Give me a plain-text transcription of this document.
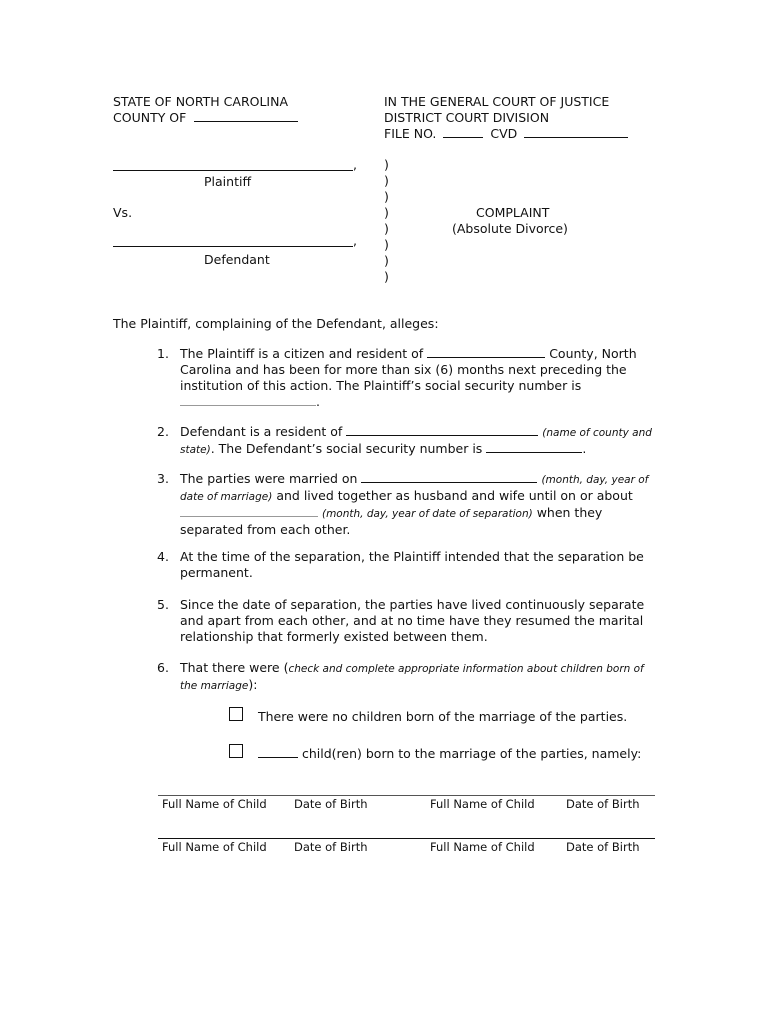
STATE OF NORTH CAROLINA
COUNTY OF
IN THE GENERAL COURT OF JUSTICE
DISTRICT COURT DIVISION
FILE NO.	CVD
,
Plaintiff
Vs.
,
Defendant
)
)
)
)
)
)
)
)
COMPLAINT
(Absolute Divorce)
The Plaintiff, complaining of the Defendant, alleges:
1. The Plaintiff is a citizen and resident of	County, North Carolina and has been for more than six (6) months next preceding the institution of this action. The Plaintiff’s social security number is
.
2. Defendant is a resident of	(name of county and state). The Defendant’s social security number is	.
3. The parties were married on	(month, day, year of date of marriage) and lived together as husband and wife until on or about  (month, day, year of date of separation) when they separated from each other.
4. At the time of the separation, the Plaintiff intended that the separation be permanent.
5. Since the date of separation, the parties have lived continuously separate and apart from each other, and at no time have they resumed the marital relationship that formerly existed between them.
6. That there were (check and complete appropriate information about children born of the marriage):
There were no children born of the marriage of the parties.
child(ren) born to the marriage of the parties, namely:
Full Name of Child Date of Birth	Full Name of Child	Date of Birth
Full Name of Child Date of Birth	Full Name of Child	Date of Birth
